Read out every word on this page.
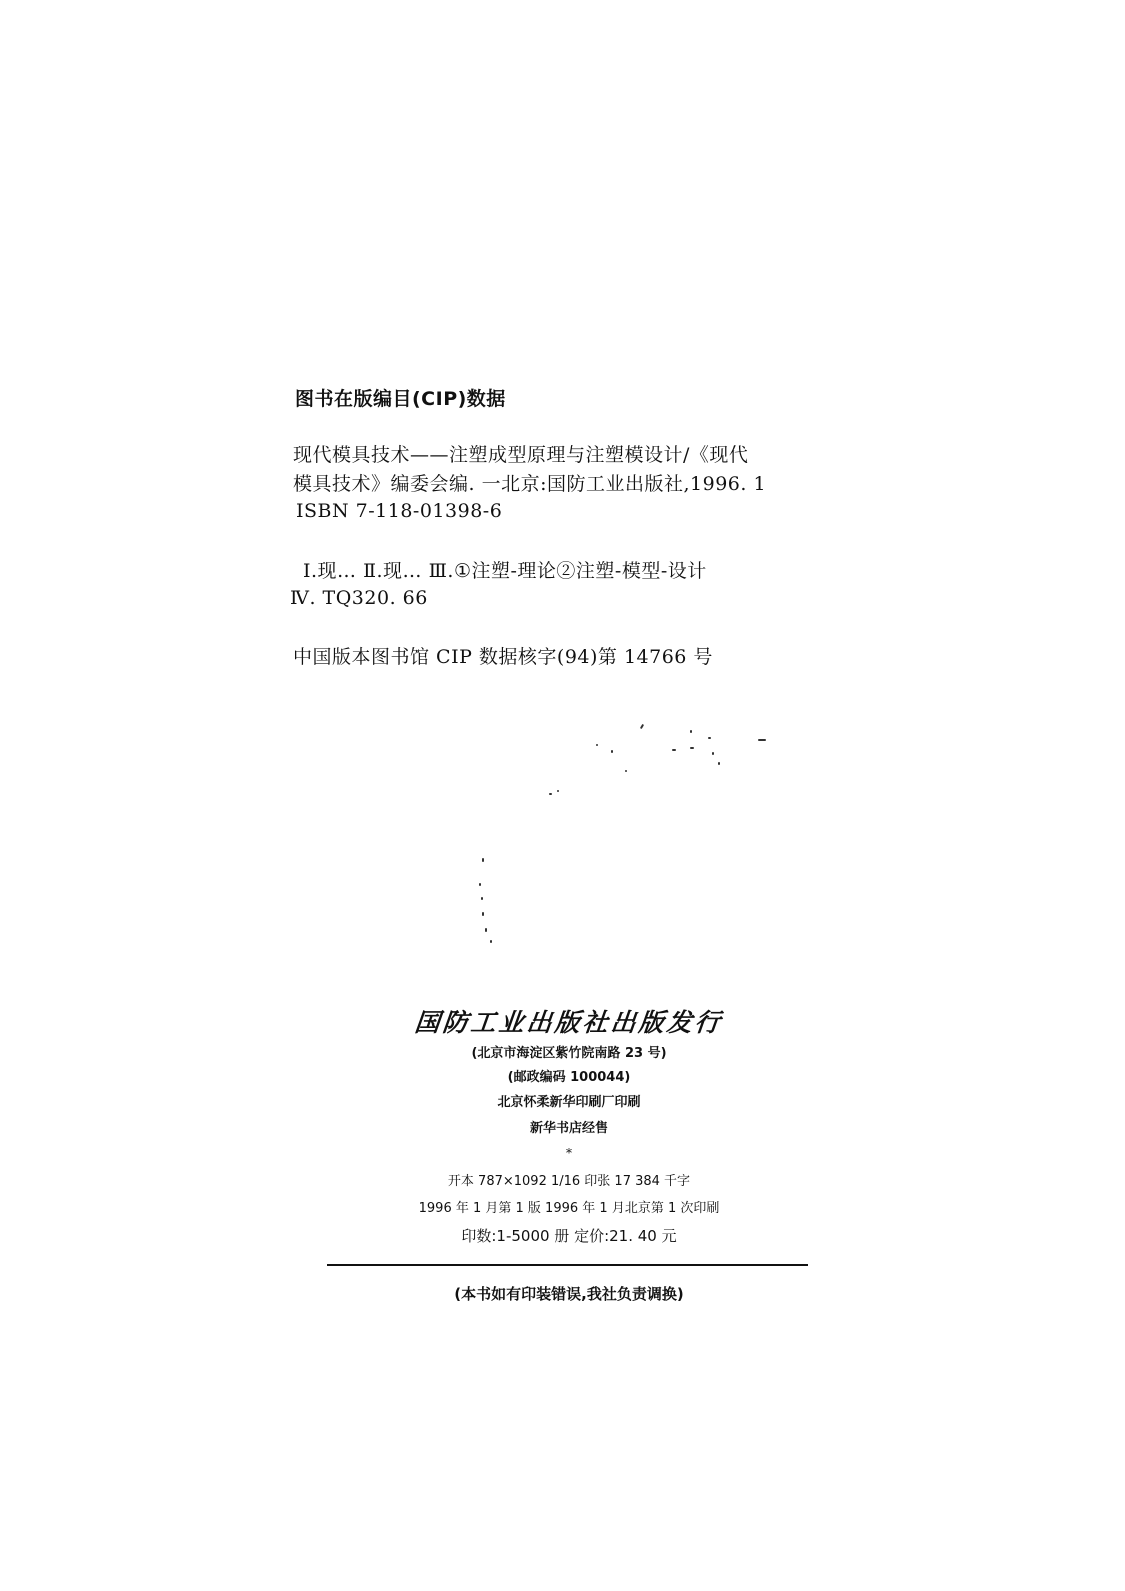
图书在版编目(CIP)数据
现代模具技术——注塑成型原理与注塑模设计/《现代
模具技术》编委会编. 一北京:国防工业出版社,1996. 1
ISBN 7-118-01398-6
Ⅰ.现… Ⅱ.现… Ⅲ.①注塑-理论②注塑-模型-设计
Ⅳ. TQ320. 66
中国版本图书馆 CIP 数据核字(94)第 14766 号
国防工业出版社出版发行
(北京市海淀区紫竹院南路 23 号)
(邮政编码 100044)
北京怀柔新华印刷厂印刷
新华书店经售
*
开本 787×1092 1/16 印张 17 384 千字
1996 年 1 月第 1 版 1996 年 1 月北京第 1 次印刷
印数:1-5000 册 定价:21. 40 元
(本书如有印装错误,我社负责调换)
